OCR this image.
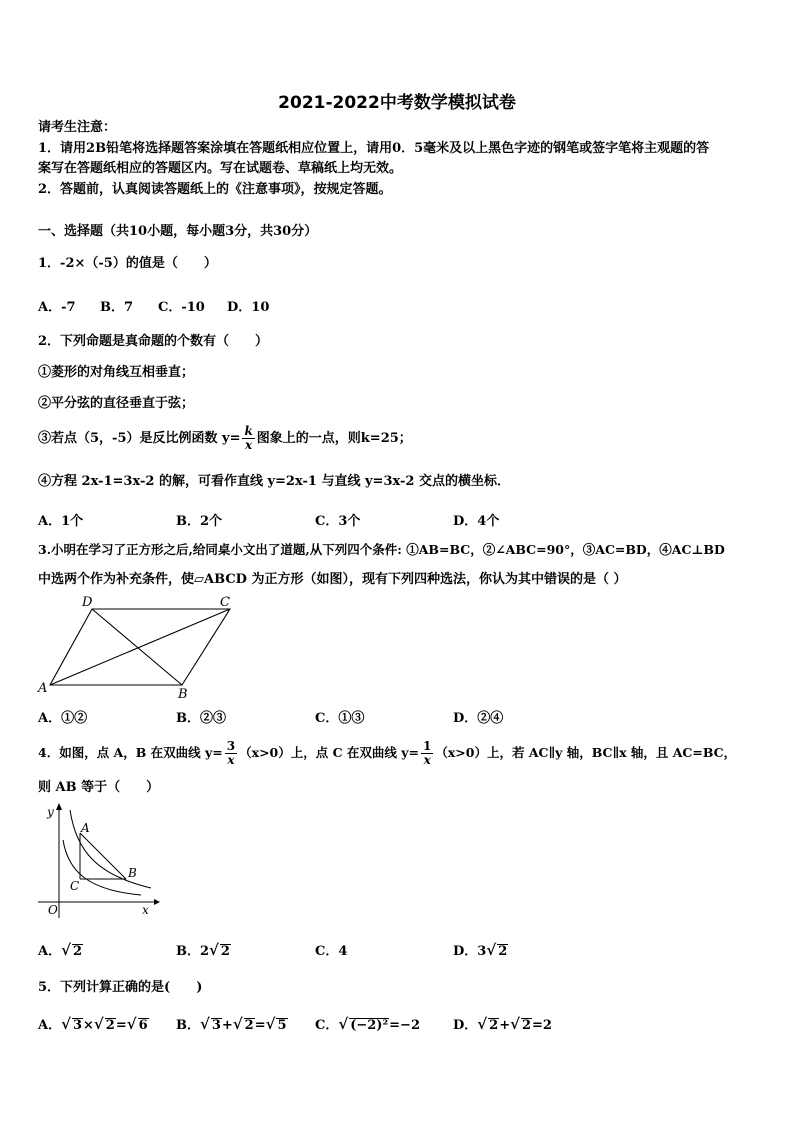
2021-2022中考数学模拟试卷
请考生注意：
1．请用2B铅笔将选择题答案涂填在答题纸相应位置上，请用0．5毫米及以上黑色字迹的钢笔或签字笔将主观题的答
案写在答题纸相应的答题区内。写在试题卷、草稿纸上均无效。
2．答题前，认真阅读答题纸上的《注意事项》，按规定答题。
一、选择题（共10小题，每小题3分，共30分）
1．-2×（-5）的值是（　　）
A．-7 B．7 C．-10 D．10
2．下列命题是真命题的个数有（　　）
①菱形的对角线互相垂直；
②平分弦的直径垂直于弦；
③若点（5，-5）是反比例函数 $y= \frac{k}{x}$ 图象上的一点，则k=25；
④方程 2x-1=3x-2 的解，可看作直线 y=2x-1 与直线 y=3x-2 交点的横坐标．
A．1个	B．2个	C．3个	D．4个
3.小明在学习了正方形之后,给同桌小文出了道题,从下列四个条件: ①AB=BC，②∠ABC=90°，③AC=BD，④AC⊥BD
中选两个作为补充条件，使▱ABCD 为正方形（如图），现有下列四种选法，你认为其中错误的是（ ）
A	B
C
D
A．①②	B．②③	C．①③	D．②④
4．如图，点 A，B 在双曲线 $y= \frac{3}{x} (x>0)$上，点 C 在双曲线 $y= \frac{1}{x} (x>0)$上，若 AC∥y 轴，BC∥x 轴，且 AC=BC，
则 AB 等于（　　）
y
x
O
A
B
C
A．√ 2	B．2√ 2	C．4	D．3√ 2
5．下列计算正确的是(　　)
A．√ 3×√ 2=√ 6 B．√ 3+√ 2=√ 5 C．√ (−2)²=−2	D．√ 2+√ 2=2
